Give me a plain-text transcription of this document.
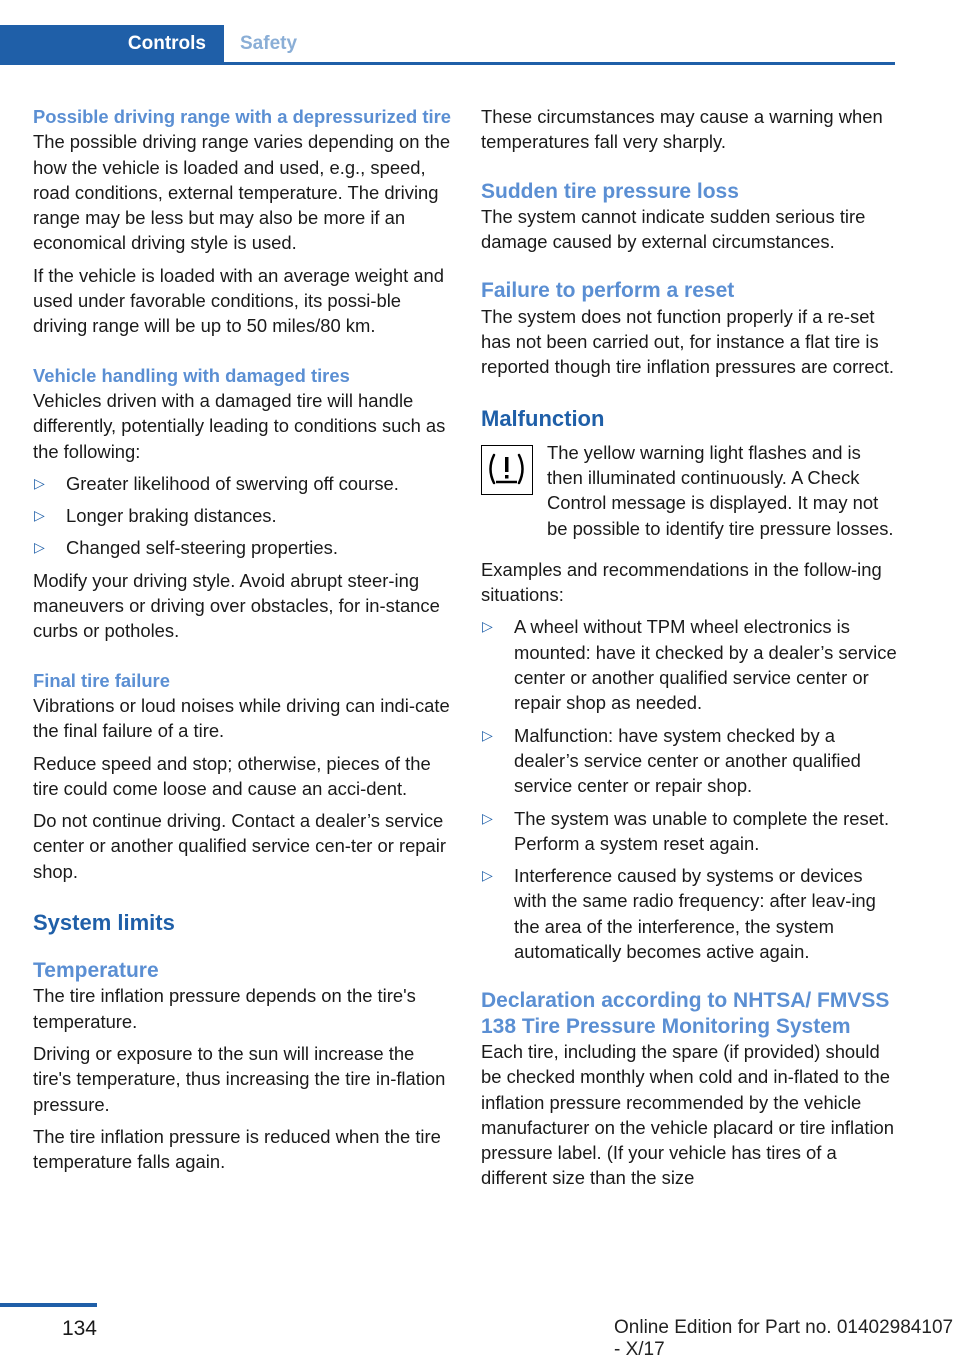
Controls Safety
Possible driving range with a depressurized tire

The possible driving range varies depending on the how the vehicle is loaded and used, e.g., speed, road conditions, external temperature. The driving range may be less but may also be more if an economical driving style is used.

If the vehicle is loaded with an average weight and used under favorable conditions, its possi‐ble driving range will be up to 50 miles/80 km.

Vehicle handling with damaged tires

Vehicles driven with a damaged tire will handle differently, potentially leading to conditions such as the following:

▷ Greater likelihood of swerving off course.
▷ Longer braking distances.
▷ Changed self-steering properties.

Modify your driving style. Avoid abrupt steer‐ing maneuvers or driving over obstacles, for in‐stance curbs or potholes.

Final tire failure

Vibrations or loud noises while driving can indi‐cate the final failure of a tire.

Reduce speed and stop; otherwise, pieces of the tire could come loose and cause an acci‐dent.

Do not continue driving. Contact a dealer’s service center or another qualified service cen‐ter or repair shop.

System limits
Temperature

The tire inflation pressure depends on the tire's temperature.

Driving or exposure to the sun will increase the tire's temperature, thus increasing the tire in‐flation pressure.

The tire inflation pressure is reduced when the tire temperature falls again.

These circumstances may cause a warning when temperatures fall very sharply.

Sudden tire pressure loss

The system cannot indicate sudden serious tire damage caused by external circumstances.

Failure to perform a reset

The system does not function properly if a re‐set has not been carried out, for instance a flat tire is reported though tire inflation pressures are correct.

Malfunction

The yellow warning light flashes and is then illuminated continuously. A Check Control message is displayed. It may not be possible to identify tire pressure losses.

Examples and recommendations in the follow‐ing situations:

▷ A wheel without TPM wheel electronics is mounted: have it checked by a dealer’s service center or another qualified service center or repair shop as needed.
▷ Malfunction: have system checked by a dealer’s service center or another qualified service center or repair shop.
▷ The system was unable to complete the reset. Perform a system reset again.
▷ Interference caused by systems or devices with the same radio frequency: after leav‐ing the area of the interference, the system automatically becomes active again.
Declaration according to NHTSA/ FMVSS 138 Tire Pressure Monitoring System

Each tire, including the spare (if provided) should be checked monthly when cold and in‐flated to the inflation pressure recommended by the vehicle manufacturer on the vehicle placard or tire inflation pressure label. (If your vehicle has tires of a different size than the size

134	Online Edition for Part no. 01402984107 - X/17
